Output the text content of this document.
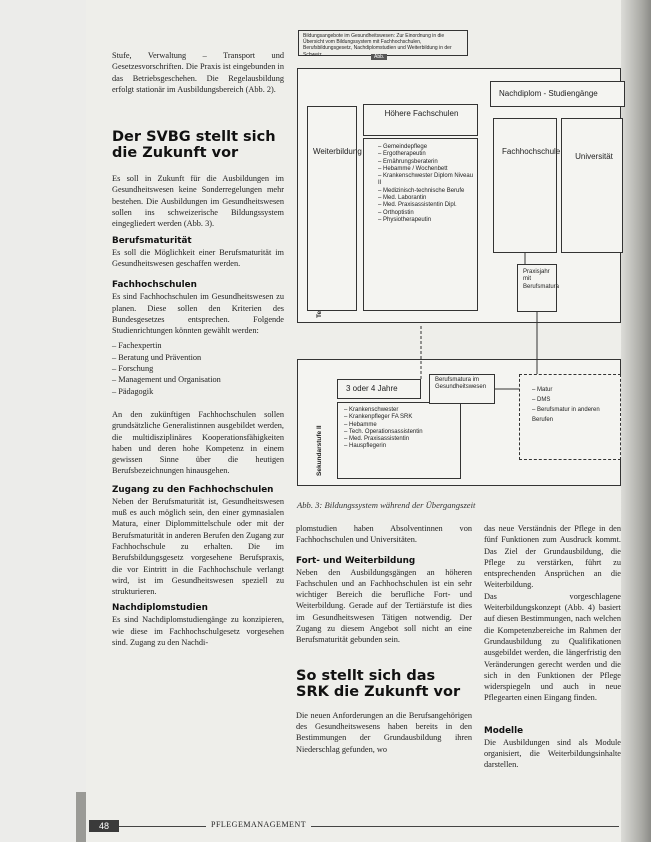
Stufe, Verwaltung – Transport und Gesetzesvorschriften. Die Praxis ist eingebunden in das Betriebsgeschehen. Die Regelausbildung erfolgt stationär im Ausbildungsbereich (Abb. 2).

Der SVBG stellt sich die Zukunft vor

Es soll in Zukunft für die Ausbildungen im Gesundheitswesen keine Sonderregelungen mehr bestehen. Die Ausbildungen im Gesundheitswesen sollen ins schweizerische Bildungssystem eingegliedert werden (Abb. 3).

Berufsmaturität

Es soll die Möglichkeit einer Berufsmaturität im Gesundheitswesen geschaffen werden.

Fachhochschulen

Es sind Fachhochschulen im Gesundheitswesen zu planen. Diese sollen den Kriterien des Bundesgesetzes entsprechen. Folgende Studienrichtungen könnten gewählt werden:

– Fachexpertin
– Beratung und Prävention
– Forschung
– Management und Organisation
– Pädagogik

An den zukünftigen Fachhochschulen sollen grundsätzliche Generalistinnen ausgebildet werden, die multidisziplinäres Kooperationsfähigkeiten haben und deren hohe Kompetenz in einem gewissen Sinne über die heutigen Berufsbezeichnungen hinausgehen.

Zugang zu den Fachhochschulen

Neben der Berufsmaturität ist, Gesundheitswesen muß es auch möglich sein, den einer gymnasialen Matura, einer Diplommittelschule oder mit der Berufsmaturität in anderen Berufen den Zugang zur Fachhochschule zu erhalten. Die im Berufsbildungsgesetz vorgesehene Berufspraxis, die vor Eintritt in die Fachhochschule verlangt wird, ist im Gesundheitswesen speziell zu strukturieren.

Nachdiplomstudien

Es sind Nachdiplomstudiengänge zu konzipieren, wie diese im Fachhochschulgesetz vorgesehen sind. Zugang zu den Nachdi-

Bildungsangebote im Gesundheitswesen: Zur Einordnung in die Übersicht vom Bildungssystem mit Fachhochschulen, Berufsbildungsgesetz, Nachdiplomstudien und Weiterbildung in der Schweiz	Abb.
Sekundarstufe II
Nachdiplom - Studiengänge
Weiterbildung
Höhere Fachschulen
– Gemeindepflege
– Ergotherapeutin
– Ernährungsberaterin
– Hebamme / Wochenbett
– Krankenschwester Diplom Niveau II
– Medizinisch-technische Berufe
– Med. Laborantin
– Med. Praxisassistentin Dipl.
– Orthoptistin
– Physiotherapeutin
Fachhochschule
Universität
Praxisjahr mit Berufsmatura
3 oder 4 Jahre
– Krankenschwester
– Krankenpfleger FA SRK
– Hebamme
– Tech. Operationsassistentin
– Med. Praxisassistentin
– Hauspflegerin
Berufsmatura im Gesundheitswesen	– Matur
– DMS
– Berufsmatur in anderen Berufen
Abb. 3: Bildungssystem während der Übergangszeit

plomstudien haben Absolventinnen von Fachhochschulen und Universitäten.

Fort- und Weiterbildung

Neben den Ausbildungsgängen an höheren Fachschulen und an Fachhochschulen ist ein sehr wichtiger Bereich die berufliche Fort- und Weiterbildung. Gerade auf der Tertiärstufe ist dies im Gesundheitswesen Tätigen notwendig. Der Zugang zu diesem Angebot soll nicht an eine Berufsmaturität gebunden sein.

So stellt sich das SRK die Zukunft vor

Die neuen Anforderungen an die Berufsangehörigen des Gesundheitswesens haben bereits in den Bestimmungen der Grundausbildung ihren Niederschlag gefunden, wo

das neue Verständnis der Pflege in den fünf Funktionen zum Ausdruck kommt. Das Ziel der Grundausbildung, die Pflege zu verstärken, führt zu entsprechenden Ansprüchen an die Weiterbildung.

Das vorgeschlagene Weiterbildungskonzept (Abb. 4) basiert auf diesen Bestimmungen, nach welchen die Kompetenzbereiche im Rahmen der Grundausbildung zu Qualifikationen ausgebildet werden, die längerfristig den Veränderungen gerecht werden und die sich in den Funktionen der Pflege widerspiegeln und auch in neue Pflegearten einen Eingang finden.

Modelle

Die Ausbildungen sind als Module organisiert, die Weiterbildungsinhalte darstellen.

48	PFLEGEMANAGEMENT
